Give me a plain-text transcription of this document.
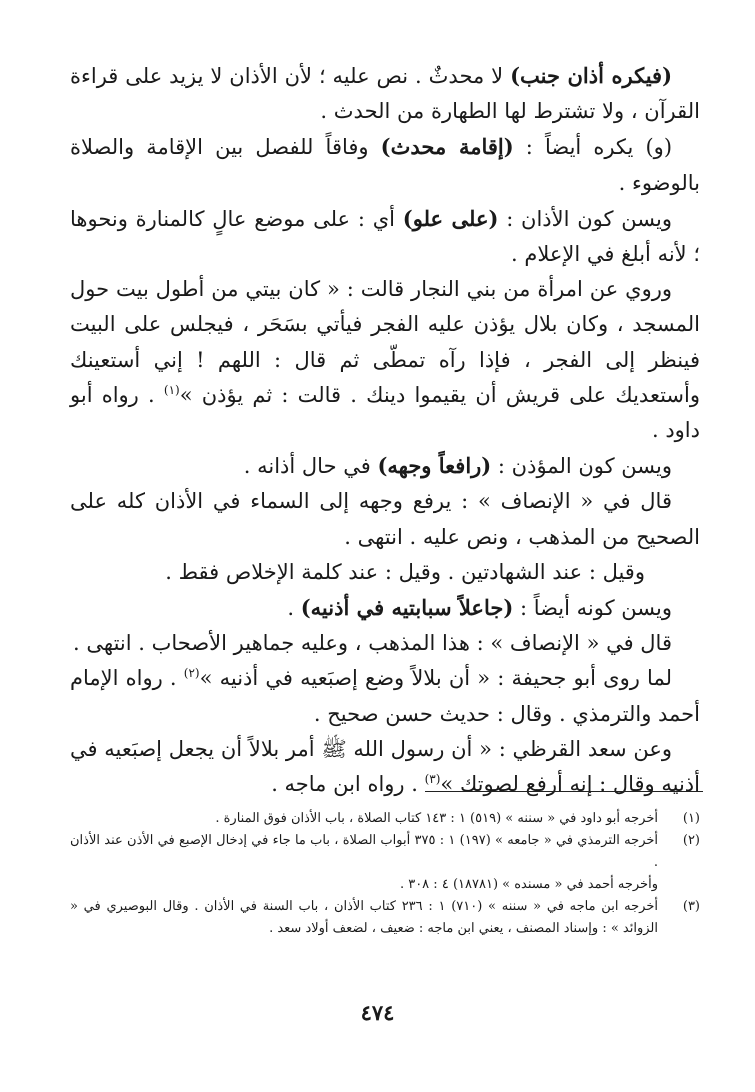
(فيكره أذان جنب) لا محدثٌ . نص عليه ؛ لأن الأذان لا يزيد على قراءة القرآن ، ولا تشترط لها الطهارة من الحدث .

(و) يكره أيضاً : (إقامة محدث) وفاقاً للفصل بين الإقامة والصلاة بالوضوء .

ويسن كون الأذان : (على علو) أي : على موضع عالٍ كالمنارة ونحوها ؛ لأنه أبلغ في الإعلام .

وروي عن امرأة من بني النجار قالت : « كان بيتي من أطول بيت حول المسجد ، وكان بلال يؤذن عليه الفجر فيأتي بسَحَر ، فيجلس على البيت فينظر إلى الفجر ، فإذا رآه تمطّى ثم قال : اللهم ! إني أستعينك وأستعديك على قريش أن يقيموا دينك . قالت : ثم يؤذن »$^{(١)}$ . رواه أبو داود .

ويسن كون المؤذن : (رافعاً وجهه) في حال أذانه .

قال في « الإنصاف » : يرفع وجهه إلى السماء في الأذان كله على الصحيح من المذهب ، ونص عليه . انتهى .

وقيل : عند الشهادتين . وقيل : عند كلمة الإخلاص فقط .

ويسن كونه أيضاً : (جاعلاً سبابتيه في أذنيه) .

قال في « الإنصاف » : هذا المذهب ، وعليه جماهير الأصحاب . انتهى .

لما روى أبو جحيفة : « أن بلالاً وضع إصبَعيه في أذنيه »$^{(٢)}$ . رواه الإمام أحمد والترمذي . وقال : حديث حسن صحيح .

وعن سعد القرظي : « أن رسول الله ﷺ أمر بلالاً أن يجعل إصبَعيه في أذنيه وقال : إنه أرفع لصوتك »$^{(٣)}$ . رواه ابن ماجه .

(١)
أخرجه أبو داود في « سننه » (٥١٩) ١ : ١٤٣ كتاب الصلاة ، باب الأذان فوق المنارة .
(٢)
أخرجه الترمذي في « جامعه » (١٩٧) ١ : ٣٧٥ أبواب الصلاة ، باب ما جاء في إدخال الإصبع في الأذن عند الأذان .
وأخرجه أحمد في « مسنده » (١٨٧٨١) ٤ : ٣٠٨ .
(٣)
أخرجه ابن ماجه في « سننه » (٧١٠) ١ : ٢٣٦ كتاب الأذان ، باب السنة في الأذان . وقال البوصيري في « الزوائد » : وإسناد المصنف ، يعني ابن ماجه : ضعيف ، لضعف أولاد سعد .
٤٧٤
